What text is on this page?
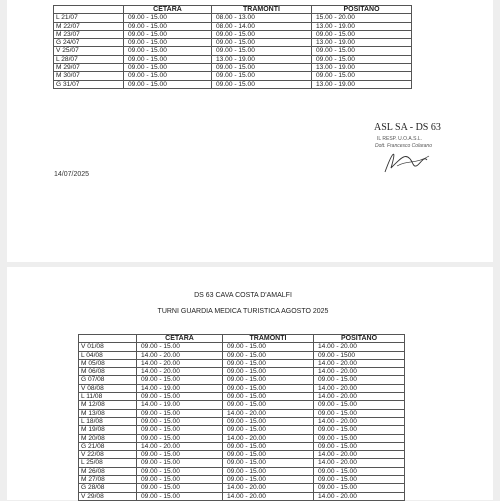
	CETARA	TRAMONTI	POSITANO
L 21/07	09.00 - 15.00	08.00 - 13.00	15.00 - 20.00
M 22/07	09.00 - 15.00	08.00 - 14.00	13.00 - 19.00
M 23/07	09.00 - 15.00	09.00 - 15.00	09.00 - 15.00
G 24/07	09.00 - 15.00	09.00 - 15.00	13.00 - 19.00
V 25/07	09.00 - 15.00	09.00 - 15.00	09.00 - 15.00
L 28/07	09.00 - 15.00	13.00 - 19.00	09.00 - 15.00
M 29/07	09.00 - 15.00	09.00 - 15.00	13.00 - 19.00
M 30/07	09.00 - 15.00	09.00 - 15.00	09.00 - 15.00
G 31/07	09.00 - 15.00	09.00 - 15.00	13.00 - 19.00
14/07/2025
ASL SA - DS 63
IL RESP. U.O.A.S.L.
Dott. Francesco Colarano
DS 63 CAVA COSTA D'AMALFI
TURNI GUARDIA MEDICA TURISTICA AGOSTO 2025
	CETARA	TRAMONTI	POSITANO
V 01/08	09.00 - 15.00	09.00 - 15.00	14.00 - 20.00
L 04/08	14.00 - 20.00	09.00 - 15.00	09.00 - 1500
M 05/08	14.00 - 20.00	09.00 - 15.00	14.00 - 20.00
M 06/08	14.00 - 20.00	09.00 - 15.00	14.00 - 20.00
G 07/08	09.00 - 15.00	09.00 - 15.00	09.00 - 15.00
V 08/08	14.00 - 19.00	09.00 - 15.00	14.00 - 20.00
L 11/08	09.00 - 15.00	09.00 - 15.00	14.00 - 20.00
M 12/08	14.00 - 19.00	09.00 - 15.00	09.00 - 15.00
M 13/08	09.00 - 15.00	14.00 - 20.00	09.00 - 15.00
L 18/08	09.00 - 15.00	09.00 - 15.00	14.00 - 20.00
M 19/08	09.00 - 15.00	09.00 - 15.00	09.00 - 15.00
M 20/08	09.00 - 15.00	14.00 - 20.00	09.00 - 15.00
G 21/08	14.00 - 20.00	09.00 - 15.00	09.00 - 15.00
V 22/08	09.00 - 15.00	09.00 - 15.00	14.00 - 20.00
L 25/08	09.00 - 15.00	09.00 - 15.00	14.00 - 20.00
M 26/08	09.00 - 15.00	09.00 - 15.00	09.00 - 15.00
M 27/08	09.00 - 15.00	09.00 - 15.00	09.00 - 15.00
G 28/08	09.00 - 15.00	14.00 - 20.00	09.00 - 15.00
V 29/08	09.00 - 15.00	14.00 - 20.00	14.00 - 20.00
